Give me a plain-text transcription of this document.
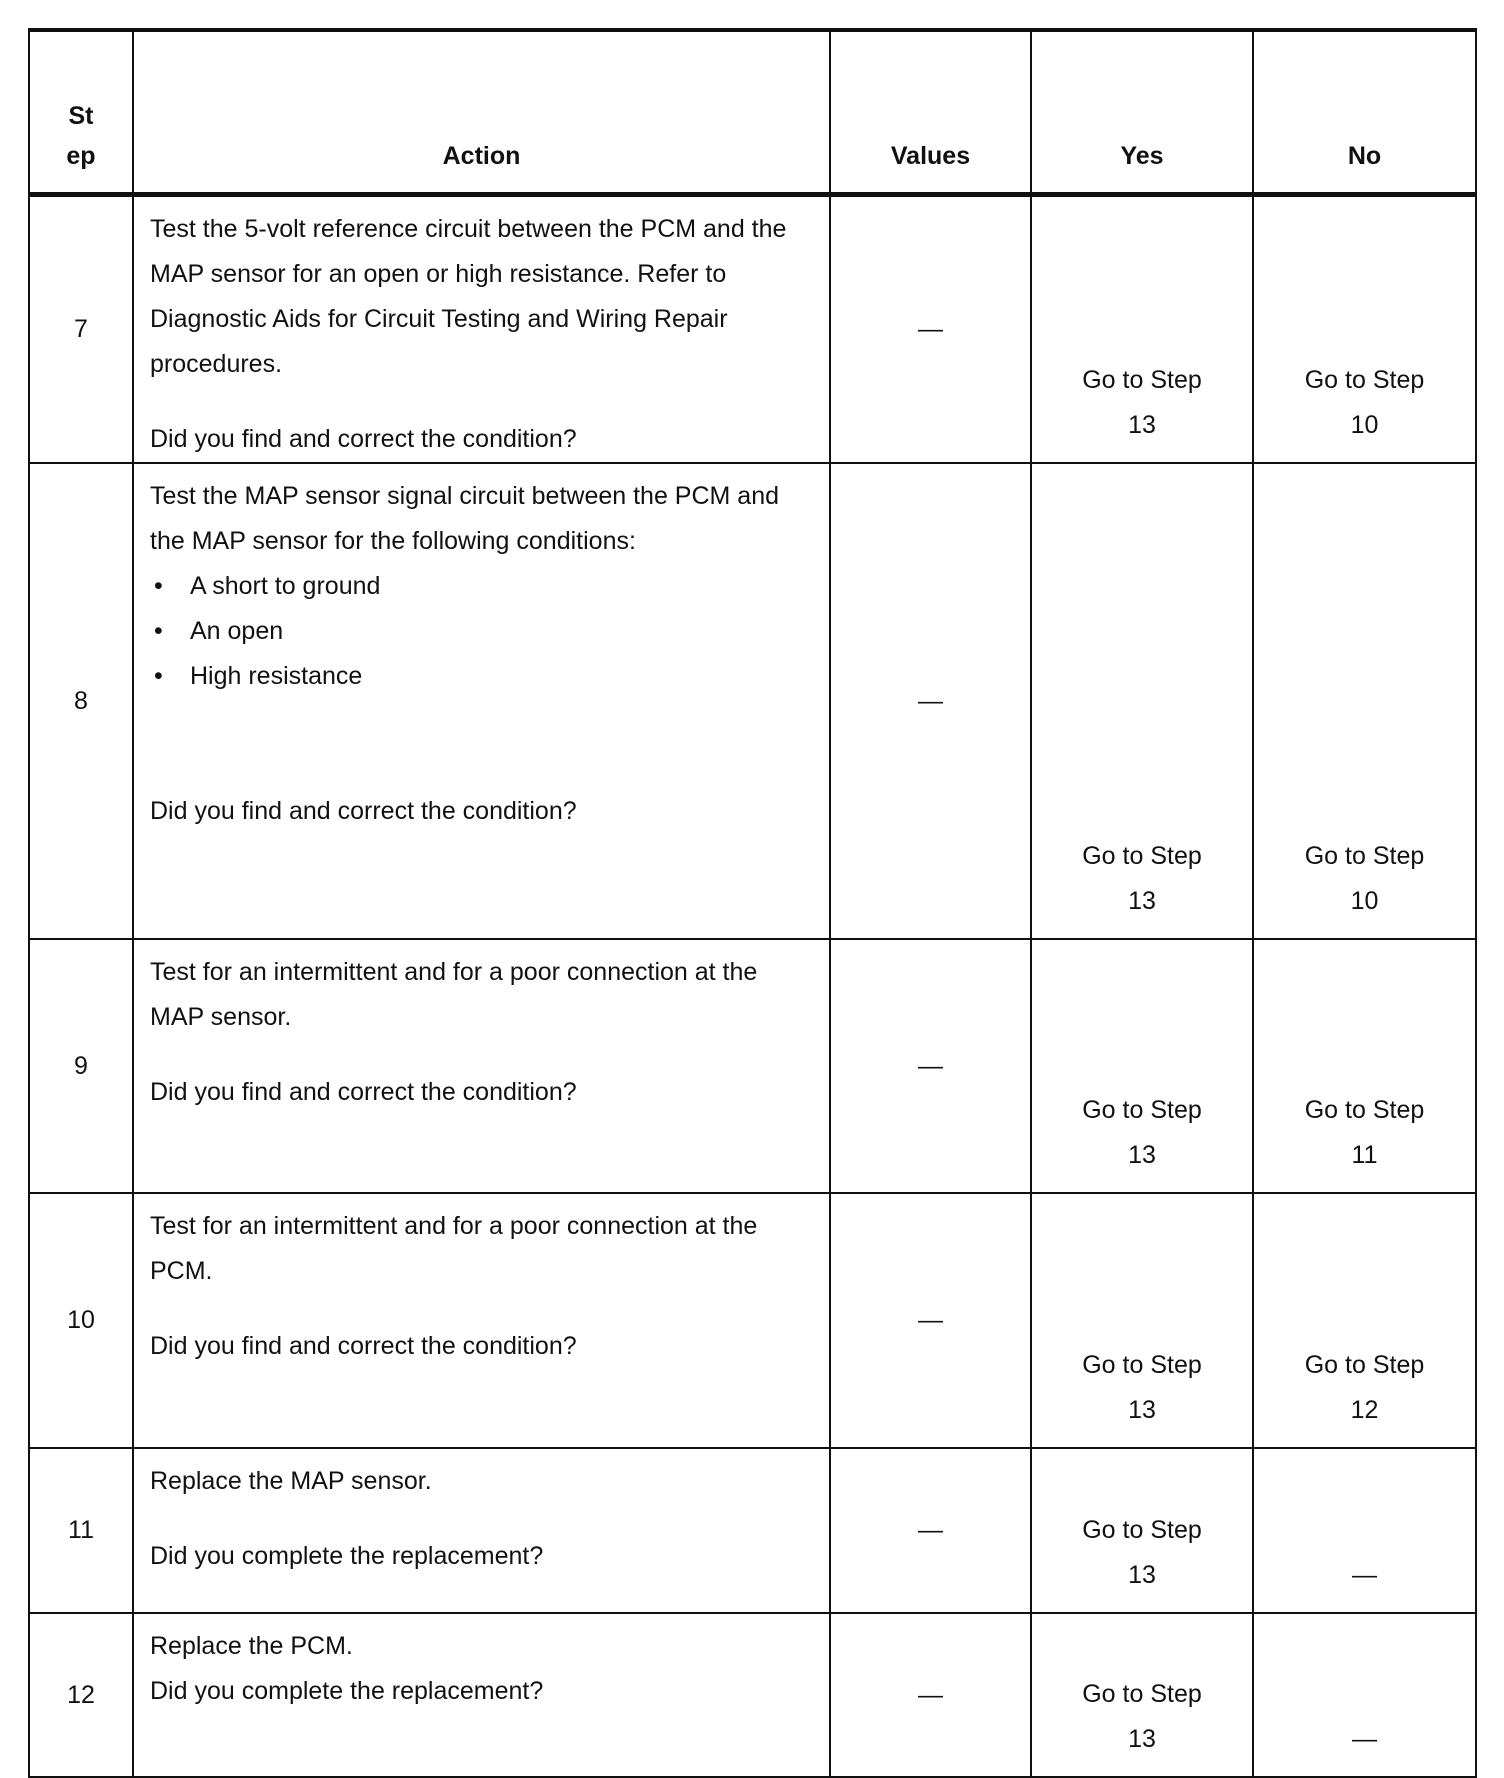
St ep	Action	Values	Yes	No
7	Test the 5-volt reference circuit between the PCM and the MAP sensor for an open or high resistance. Refer to Diagnostic Aids for Circuit Testing and Wiring Repair procedures.
Did you find and correct the condition?	—	Go to Step 13	Go to Step 10

8	Test the MAP sensor signal circuit between the PCM and the MAP sensor for the following conditions:
• A short to ground
• An open
• High resistance
Did you find and correct the condition?	—	Go to Step 13	Go to Step 10

9	Test for an intermittent and for a poor connection at the MAP sensor.
Did you find and correct the condition?	—	Go to Step 13	Go to Step 11

10	Test for an intermittent and for a poor connection at the PCM.
Did you find and correct the condition?	—	Go to Step 13	Go to Step 12

11	Replace the MAP sensor.
Did you complete the replacement?	—	Go to Step 13	—
12	Replace the PCM.
Did you complete the replacement?	—	Go to Step 13	—
